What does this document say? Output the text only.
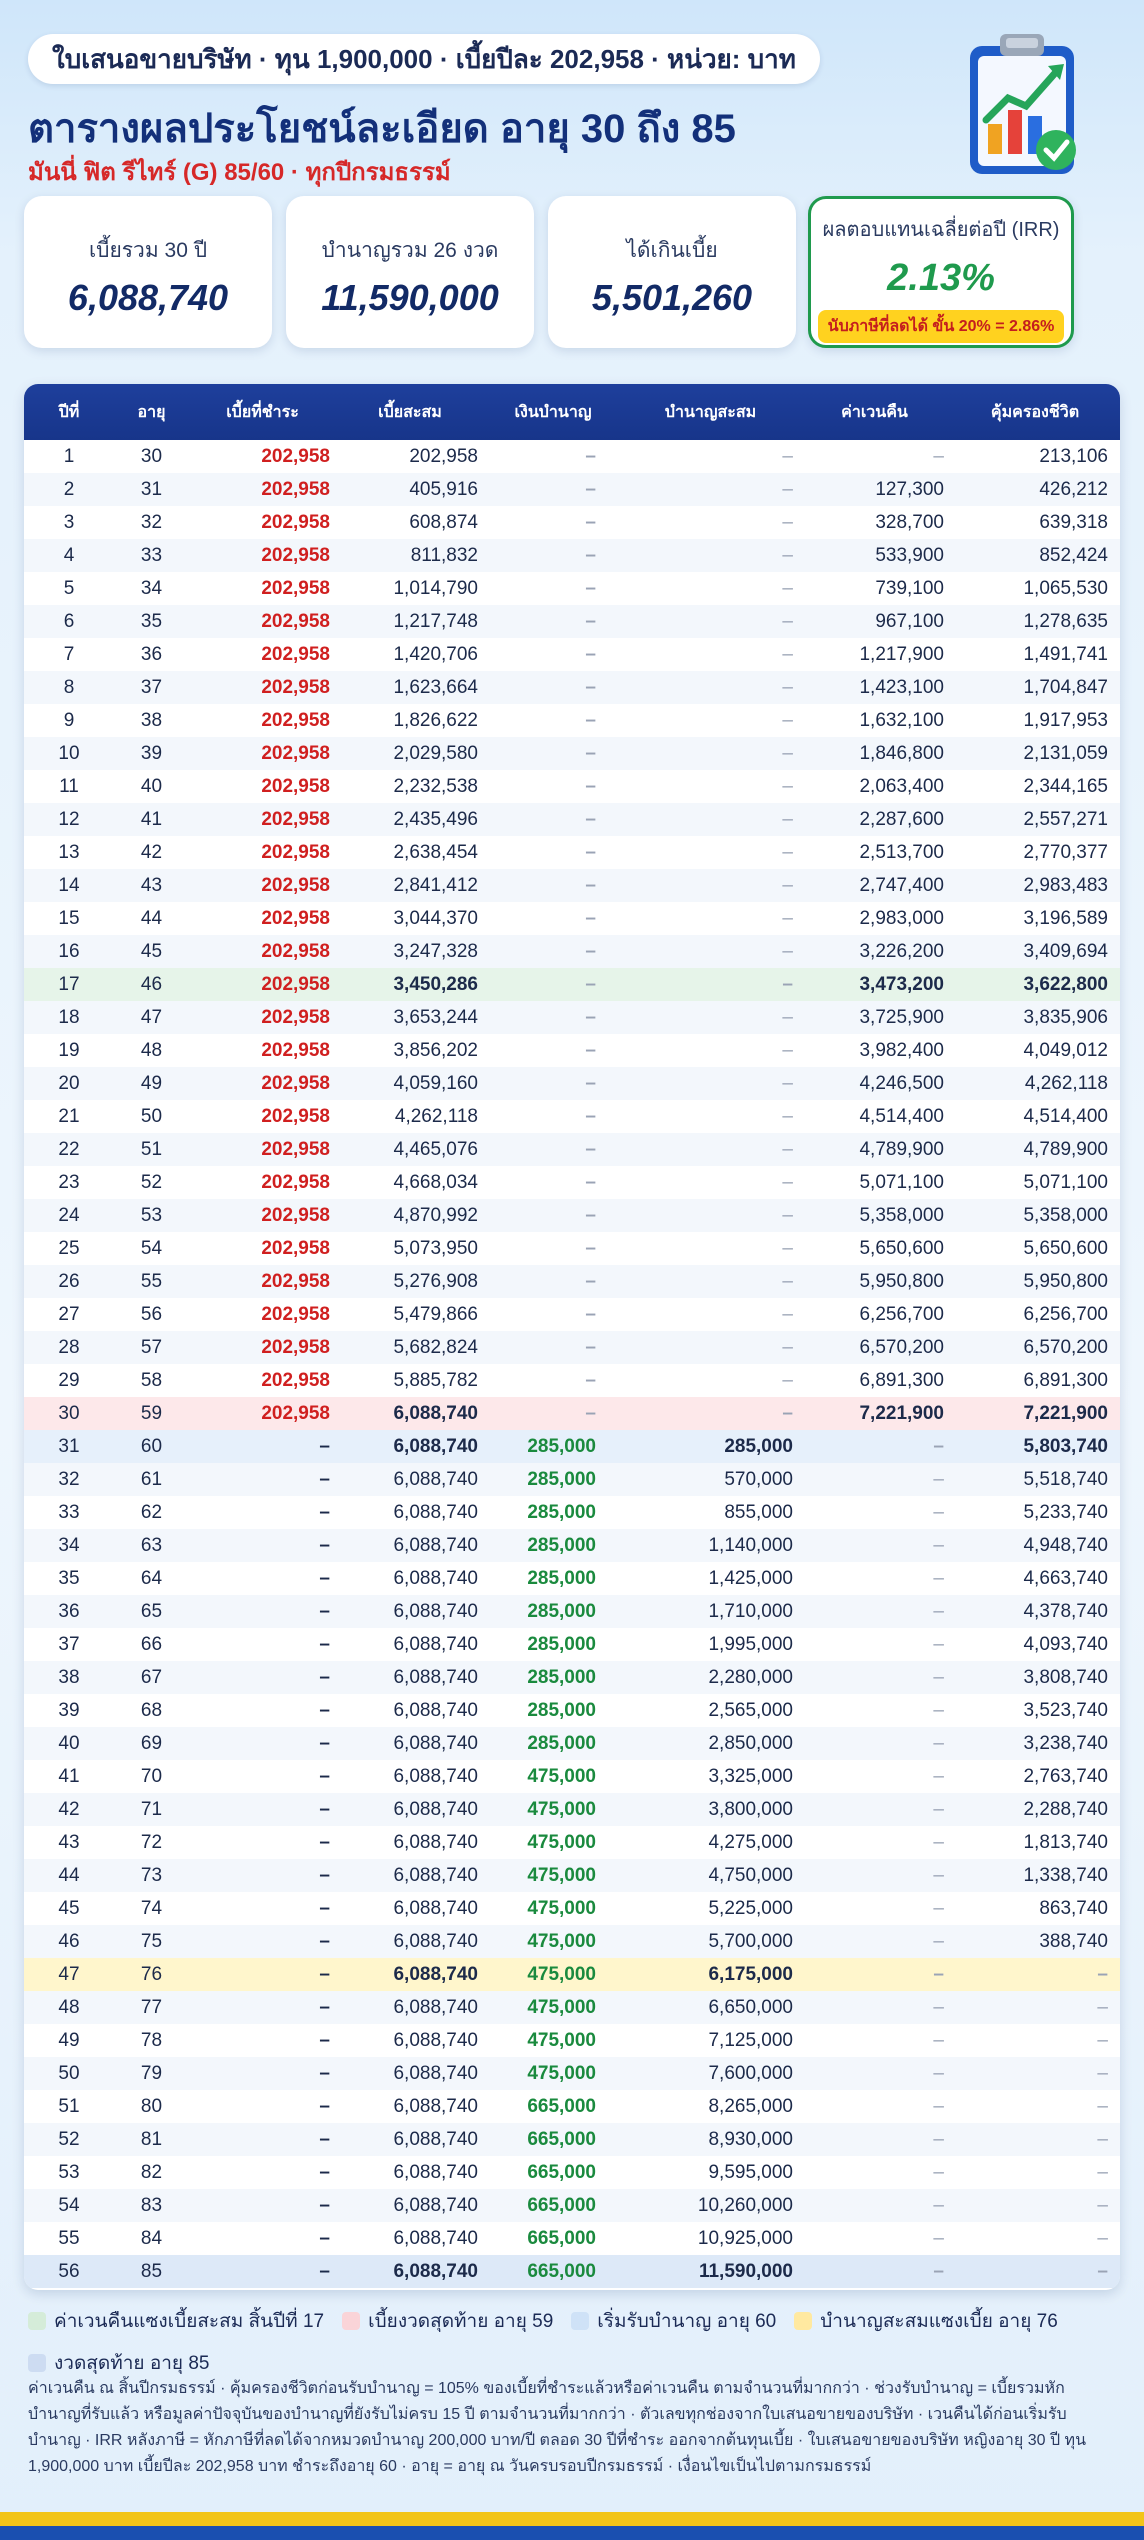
ใบเสนอขายบริษัท · ทุน 1,900,000 · เบี้ยปีละ 202,958 · หน่วย: บาท
ตารางผลประโยชน์ละเอียด อายุ 30 ถึง 85
มันนี่ ฟิต รีไทร์ (G) 85/60 · ทุกปีกรมธรรม์
เบี้ยรวม 30 ปี
6,088,740
บำนาญรวม 26 งวด
11,590,000
ได้เกินเบี้ย
5,501,260
ผลตอบแทนเฉลี่ยต่อปี (IRR)
2.13%
นับภาษีที่ลดได้ ขั้น 20% = 2.86%
ปีที่	อายุ	เบี้ยที่ชำระ	เบี้ยสะสม	เงินบำนาญ	บำนาญสะสม	ค่าเวนคืน	คุ้มครองชีวิต
1	30	202,958	202,958	–	–	–	213,106
2	31	202,958	405,916	–	–	127,300	426,212
3	32	202,958	608,874	–	–	328,700	639,318
4	33	202,958	811,832	–	–	533,900	852,424
5	34	202,958	1,014,790	–	–	739,100	1,065,530
6	35	202,958	1,217,748	–	–	967,100	1,278,635
7	36	202,958	1,420,706	–	–	1,217,900	1,491,741
8	37	202,958	1,623,664	–	–	1,423,100	1,704,847
9	38	202,958	1,826,622	–	–	1,632,100	1,917,953
10	39	202,958	2,029,580	–	–	1,846,800	2,131,059
11	40	202,958	2,232,538	–	–	2,063,400	2,344,165
12	41	202,958	2,435,496	–	–	2,287,600	2,557,271
13	42	202,958	2,638,454	–	–	2,513,700	2,770,377
14	43	202,958	2,841,412	–	–	2,747,400	2,983,483
15	44	202,958	3,044,370	–	–	2,983,000	3,196,589
16	45	202,958	3,247,328	–	–	3,226,200	3,409,694
17	46	202,958	3,450,286	–	–	3,473,200	3,622,800
18	47	202,958	3,653,244	–	–	3,725,900	3,835,906
19	48	202,958	3,856,202	–	–	3,982,400	4,049,012
20	49	202,958	4,059,160	–	–	4,246,500	4,262,118
21	50	202,958	4,262,118	–	–	4,514,400	4,514,400
22	51	202,958	4,465,076	–	–	4,789,900	4,789,900
23	52	202,958	4,668,034	–	–	5,071,100	5,071,100
24	53	202,958	4,870,992	–	–	5,358,000	5,358,000
25	54	202,958	5,073,950	–	–	5,650,600	5,650,600
26	55	202,958	5,276,908	–	–	5,950,800	5,950,800
27	56	202,958	5,479,866	–	–	6,256,700	6,256,700
28	57	202,958	5,682,824	–	–	6,570,200	6,570,200
29	58	202,958	5,885,782	–	–	6,891,300	6,891,300
30	59	202,958	6,088,740	–	–	7,221,900	7,221,900
31	60	–	6,088,740	285,000	285,000	–	5,803,740
32	61	–	6,088,740	285,000	570,000	–	5,518,740
33	62	–	6,088,740	285,000	855,000	–	5,233,740
34	63	–	6,088,740	285,000	1,140,000	–	4,948,740
35	64	–	6,088,740	285,000	1,425,000	–	4,663,740
36	65	–	6,088,740	285,000	1,710,000	–	4,378,740
37	66	–	6,088,740	285,000	1,995,000	–	4,093,740
38	67	–	6,088,740	285,000	2,280,000	–	3,808,740
39	68	–	6,088,740	285,000	2,565,000	–	3,523,740
40	69	–	6,088,740	285,000	2,850,000	–	3,238,740
41	70	–	6,088,740	475,000	3,325,000	–	2,763,740
42	71	–	6,088,740	475,000	3,800,000	–	2,288,740
43	72	–	6,088,740	475,000	4,275,000	–	1,813,740
44	73	–	6,088,740	475,000	4,750,000	–	1,338,740
45	74	–	6,088,740	475,000	5,225,000	–	863,740
46	75	–	6,088,740	475,000	5,700,000	–	388,740
47	76	–	6,088,740	475,000	6,175,000	–	–
48	77	–	6,088,740	475,000	6,650,000	–	–
49	78	–	6,088,740	475,000	7,125,000	–	–
50	79	–	6,088,740	475,000	7,600,000	–	–
51	80	–	6,088,740	665,000	8,265,000	–	–
52	81	–	6,088,740	665,000	8,930,000	–	–
53	82	–	6,088,740	665,000	9,595,000	–	–
54	83	–	6,088,740	665,000	10,260,000	–	–
55	84	–	6,088,740	665,000	10,925,000	–	–
56	85	–	6,088,740	665,000	11,590,000	–	–
ค่าเวนคืนแซงเบี้ยสะสม สิ้นปีที่ 17 เบี้ยงวดสุดท้าย อายุ 59 เริ่มรับบำนาญ อายุ 60 บำนาญสะสมแซงเบี้ย อายุ 76
งวดสุดท้าย อายุ 85
ค่าเวนคืน ณ สิ้นปีกรมธรรม์ · คุ้มครองชีวิตก่อนรับบำนาญ = 105% ของเบี้ยที่ชำระแล้วหรือค่าเวนคืน ตามจำนวนที่มากกว่า · ช่วงรับบำนาญ = เบี้ยรวมหักบำนาญที่รับแล้ว หรือมูลค่าปัจจุบันของบำนาญที่ยังรับไม่ครบ 15 ปี ตามจำนวนที่มากกว่า · ตัวเลขทุกช่องจากใบเสนอขายของบริษัท · เวนคืนได้ก่อนเริ่มรับบำนาญ · IRR หลังภาษี = หักภาษีที่ลดได้จากหมวดบำนาญ 200,000 บาท/ปี ตลอด 30 ปีที่ชำระ ออกจากต้นทุนเบี้ย · ใบเสนอขายของบริษัท หญิงอายุ 30 ปี ทุน 1,900,000 บาท เบี้ยปีละ 202,958 บาท ชำระถึงอายุ 60 · อายุ = อายุ ณ วันครบรอบปีกรมธรรม์ · เงื่อนไขเป็นไปตามกรมธรรม์
